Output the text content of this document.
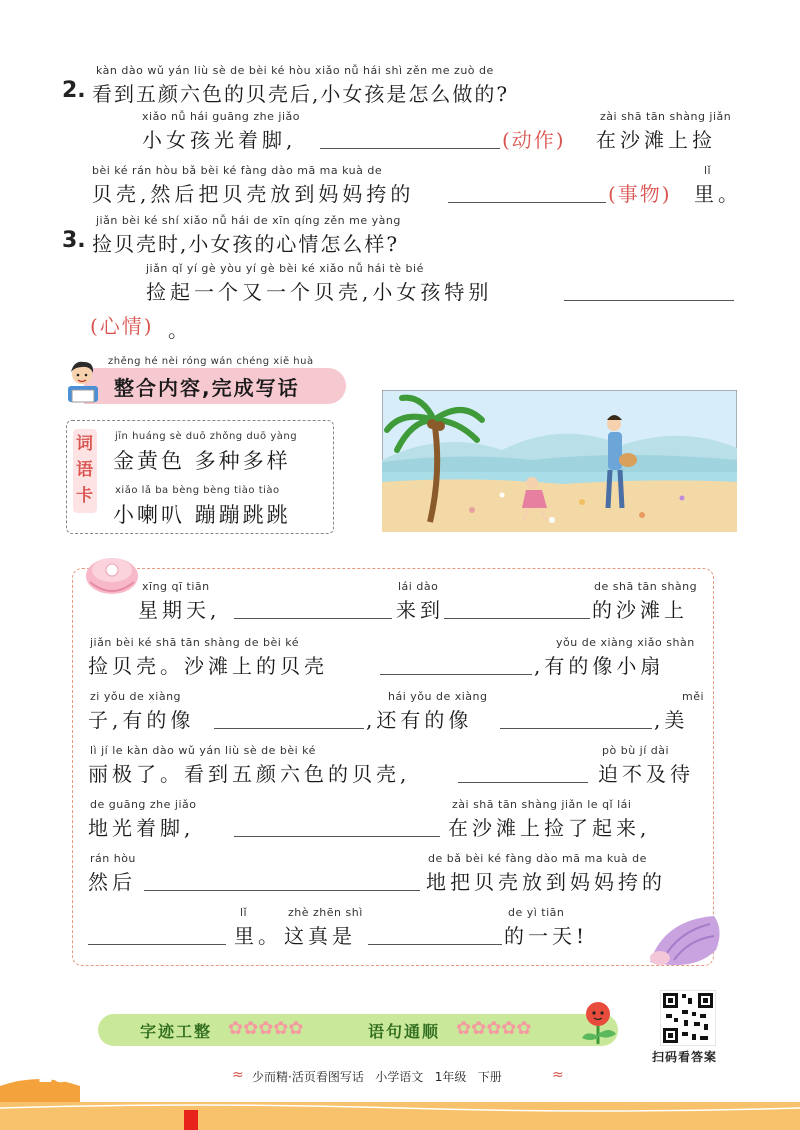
kàn dào wǔ yán liù sè de bèi ké hòu xiǎo nǚ hái shì zěn me zuò de
2. 看到五颜六色的贝壳后,小女孩是怎么做的?
xiǎo nǚ hái guāng zhe jiǎo
小女孩光着脚,	(动作)
zài shā tān shàng jiǎn
在沙滩上捡
bèi ké rán hòu bǎ bèi ké fàng dào mā ma kuà de
贝壳,然后把贝壳放到妈妈挎的	(事物)
lǐ
里。
jiǎn bèi ké shí xiǎo nǚ hái de xīn qíng zěn me yàng
3. 捡贝壳时,小女孩的心情怎么样?
jiǎn qǐ yí gè yòu yí gè bèi ké xiǎo nǚ hái tè bié
捡起一个又一个贝壳,小女孩特别
(心情) 。
zhěng hé nèi róng wán chéng xiě huà
整合内容,完成写话
词语卡
jīn huáng sè duō zhǒng duō yàng
金黄色 多种多样
xiǎo lǎ ba bèng bèng tiào tiào
小喇叭 蹦蹦跳跳
xīng qī tiān
星期天,
lái dào
来到
de shā tān shàng
的沙滩上
jiǎn bèi ké shā tān shàng de bèi ké
捡贝壳。沙滩上的贝壳
yǒu de xiàng xiǎo shàn
,有的像小扇
zi yǒu de xiàng
子,有的像
hái yǒu de xiàng
,还有的像
měi
,美
lì jí le kàn dào wǔ yán liù sè de bèi ké
丽极了。看到五颜六色的贝壳,
pò bù jí dài
迫不及待
de guāng zhe jiǎo
地光着脚,
zài shā tān shàng jiǎn le qǐ lái
在沙滩上捡了起来,
rán hòu
然后
de bǎ bèi ké fàng dào mā ma kuà de
地把贝壳放到妈妈挎的
lǐ
里。
zhè zhēn shì
这真是
de yì tiān
的一天!
字迹工整 ✿✿✿✿✿	语句通顺 ✿✿✿✿✿
扫码看答案
28	≈ 少而精·活页看图写话   小学语文   1年级   下册	≈
